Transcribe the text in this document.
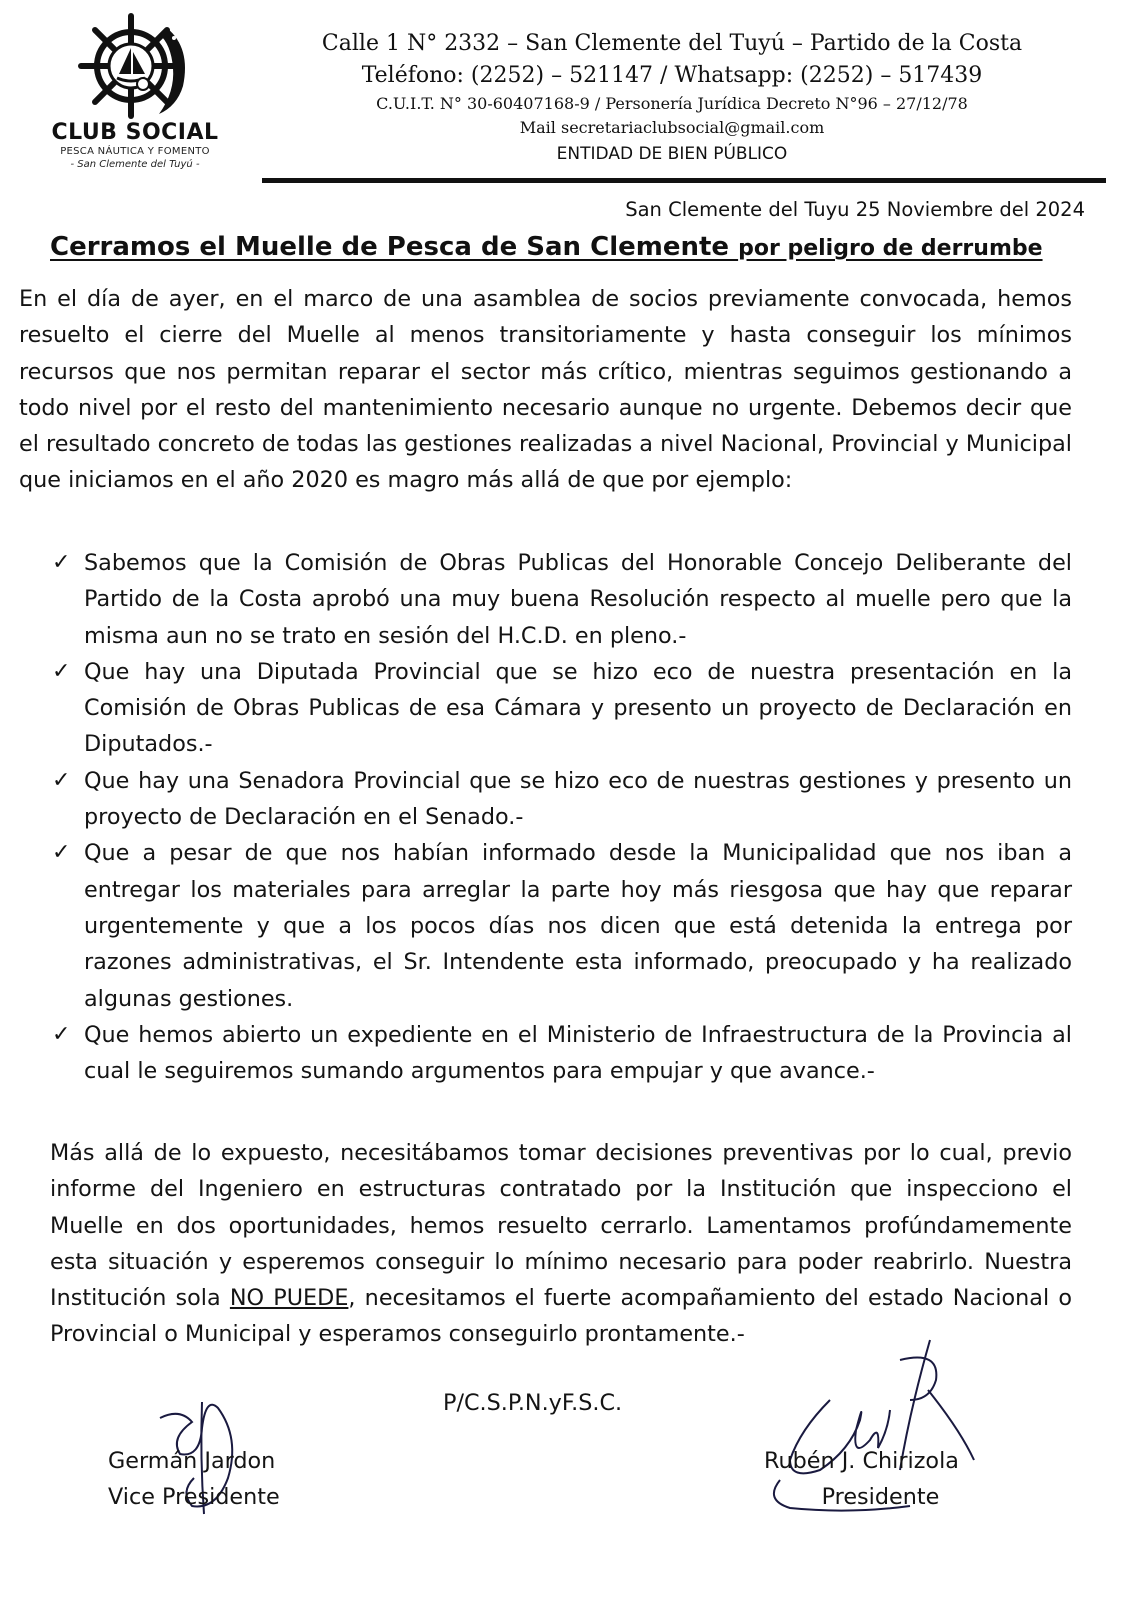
CLUB SOCIAL
PESCA NÁUTICA Y FOMENTO
- San Clemente del Tuyú -
Calle 1 N° 2332 – San Clemente del Tuyú – Partido de la Costa
Teléfono: (2252) – 521147 / Whatsapp: (2252) – 517439
C.U.I.T. N° 30-60407168-9 / Personería Jurídica Decreto N°96 – 27/12/78
Mail secretariaclubsocial@gmail.com
ENTIDAD DE BIEN PÚBLICO
San Clemente del Tuyu 25 Noviembre del 2024
Cerramos el Muelle de Pesca de San Clemente por peligro de derrumbe
En el día de ayer, en el marco de una asamblea de socios previamente convocada, hemos resuelto el cierre del Muelle al menos transitoriamente y hasta conseguir los mínimos recursos que nos permitan reparar el sector más crítico, mientras seguimos gestionando a todo nivel por el resto del mantenimiento necesario aunque no urgente. Debemos decir que el resultado concreto de todas las gestiones realizadas a nivel Nacional, Provincial y Municipal que iniciamos en el año 2020 es magro más allá de que por ejemplo:
✓ Sabemos que la Comisión de Obras Publicas del Honorable Concejo Deliberante del Partido de la Costa aprobó una muy buena Resolución respecto al muelle pero que la misma aun no se trato en sesión del H.C.D. en pleno.-
✓ Que hay una Diputada Provincial que se hizo eco de nuestra presentación en la Comisión de Obras Publicas de esa Cámara y presento un proyecto de Declaración en Diputados.-
✓ Que hay una Senadora Provincial que se hizo eco de nuestras gestiones y presento un proyecto de Declaración en el Senado.-
✓ Que a pesar de que nos habían informado desde la Municipalidad que nos iban a entregar los materiales para arreglar la parte hoy más riesgosa que hay que reparar urgentemente y que a los pocos días nos dicen que está detenida la entrega por razones administrativas, el Sr. Intendente esta informado, preocupado y ha realizado algunas gestiones.
✓ Que hemos abierto un expediente en el Ministerio de Infraestructura de la Provincia al cual le seguiremos sumando argumentos para empujar y que avance.-
Más allá de lo expuesto, necesitábamos tomar decisiones preventivas por lo cual, previo informe del Ingeniero en estructuras contratado por la Institución que inspecciono el Muelle en dos oportunidades, hemos resuelto cerrarlo. Lamentamos profúndamemente esta situación y esperemos conseguir lo mínimo necesario para poder reabrirlo. Nuestra Institución sola NO PUEDE, necesitamos el fuerte acompañamiento del estado Nacional o Provincial o Municipal y esperamos conseguirlo prontamente.-
P/C.S.P.N.yF.S.C.
Germán Jardon
Vice Presidente
Rubén J. Chirizola
Presidente
